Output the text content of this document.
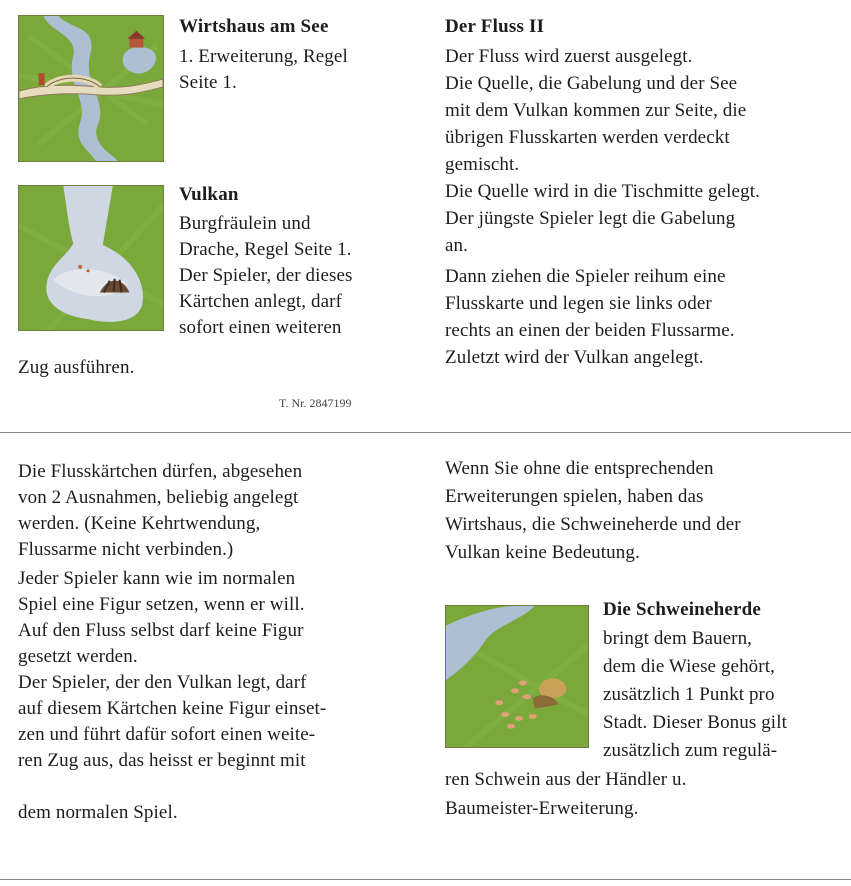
Wirtshaus am See
1. Erweiterung, Regel
Seite 1.
Vulkan
Burgfräulein und
Drache, Regel Seite 1.
Der Spieler, der dieses
Kärtchen anlegt, darf
sofort einen weiteren
Zug ausführen.
T. Nr. 2847199
Der Fluss II
Der Fluss wird zuerst ausgelegt.
Die Quelle, die Gabelung und der See
mit dem Vulkan kommen zur Seite, die
übrigen Flusskarten werden verdeckt
gemischt.
Die Quelle wird in die Tischmitte gelegt.
Der jüngste Spieler legt die Gabelung
an.
Dann ziehen die Spieler reihum eine
Flusskarte und legen sie links oder
rechts an einen der beiden Flussarme.
Zuletzt wird der Vulkan angelegt.
Die Flusskärtchen dürfen, abgesehen
von 2 Ausnahmen, beliebig angelegt
werden. (Keine Kehrtwendung,
Flussarme nicht verbinden.)
Jeder Spieler kann wie im normalen
Spiel eine Figur setzen, wenn er will.
Auf den Fluss selbst darf keine Figur
gesetzt werden.
Der Spieler, der den Vulkan legt, darf
auf diesem Kärtchen keine Figur einset-
zen und führt dafür sofort einen weite-
ren Zug aus, das heisst er beginnt mit
dem normalen Spiel.
Wenn Sie ohne die entsprechenden
Erweiterungen spielen, haben das
Wirtshaus, die Schweineherde und der
Vulkan keine Bedeutung.
Die Schweineherde
bringt dem Bauern,
dem die Wiese gehört,
zusätzlich 1 Punkt pro
Stadt. Dieser Bonus gilt
zusätzlich zum regulä-
ren Schwein aus der Händler u.
Baumeister-Erweiterung.
